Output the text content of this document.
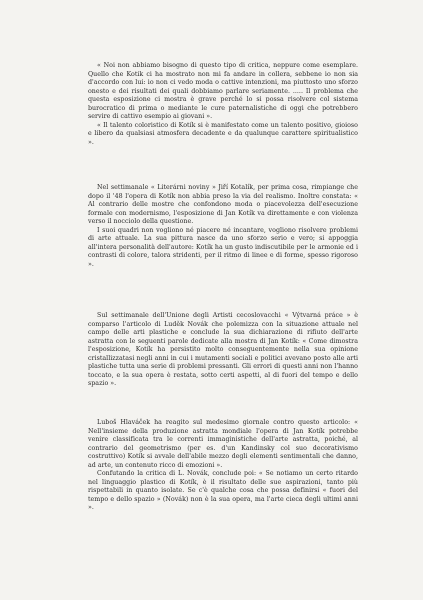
« Noi non abbiamo bisogno di questo tipo di critica, neppure come esemplare. Quello che Kotik ci ha mostrato non mi fa andare in collera, sebbene io non sia d'accordo con lui: io non ci vedo moda o cattive intenzioni, ma piuttosto uno sforzo onesto e dei risultati dei quali dobbiamo parlare seriamente. ..... Il problema che questa esposizione ci mostra è grave perché lo si possa risolvere col sistema burocratico di prima o mediante le cure paternalistiche di oggi che potrebbero servire di cattivo esempio ai giovani ».

« Il talento coloristico di Kotík si è manifestato come un talento positivo, gioioso e libero da qualsiasi atmosfera decadente e da qualunque carattere spiritualistico ».

Nel settimanale « Literárni noviny » Jiří Kotalík, per prima cosa, rimpiange che dopo il '48 l'opera di Kotík non abbia preso la via del realismo. Inoltre constata: « Al contrario delle mostre che confondono moda o piacevolezza dell'esecuzione formale con modernismo, l'esposizione di Jan Kotík va direttamente e con violenza verso il nocciolo della questione.

I suoi quadri non vogliono né piacere né incantare, vogliono risolvere problemi di arte attuale. La sua pittura nasce da uno sforzo serio e vero; si appoggia all'intera personalità dell'autore: Kotík ha un gusto indiscutibile per le armonie ed i contrasti di colore, talora stridenti, per il ritmo di linee e di forme, spesso rigoroso ».

Sul settimanale dell'Unione degli Artisti cecoslovacchi « Výtvarná práce » è comparso l'articolo di Luděk Novák che polemizza con la situazione attuale nel campo delle arti plastiche e conclude la sua dichiarazione di rifiuto dell'arte astratta con le seguenti parole dedicate alla mostra di Jan Kotík: « Come dimostra l'esposizione, Kotík ha persistito molto conseguentemente nella sua opinione cristallizzatasi negli anni in cui i mutamenti sociali e politici avevano posto alle arti plastiche tutta una serie di problemi pressanti. Gli errori di questi anni non l'hanno toccato, e la sua opera è restata, sotto certi aspetti, al di fuori del tempo e dello spazio ».

Luboš Hlaváček ha reagito sul medesimo giornale contro questo articolo: « Nell'insieme della produzione astratta mondiale l'opera di Jan Kotík potrebbe venire classificata tra le correnti immaginistiche dell'arte astratta, poiché, al contrario del geometrismo (per es. d'un Kandinsky col suo decorativismo costruttivo) Kotík si avvale dell'abile mezzo degli elementi sentimentali che danno, ad arte, un contenuto ricco di emozioni ».

Confutando la critica di L. Novák, conclude poi: « Se notiamo un certo ritardo nel linguaggio plastico di Kotík, è il risultato delle sue aspirazioni, tanto più rispettabili in quanto isolate. Se c'è qualche cosa che possa definirsi « fuori del tempo e dello spazio » (Novák) non è la sua opera, ma l'arte cieca degli ultimi anni ».
